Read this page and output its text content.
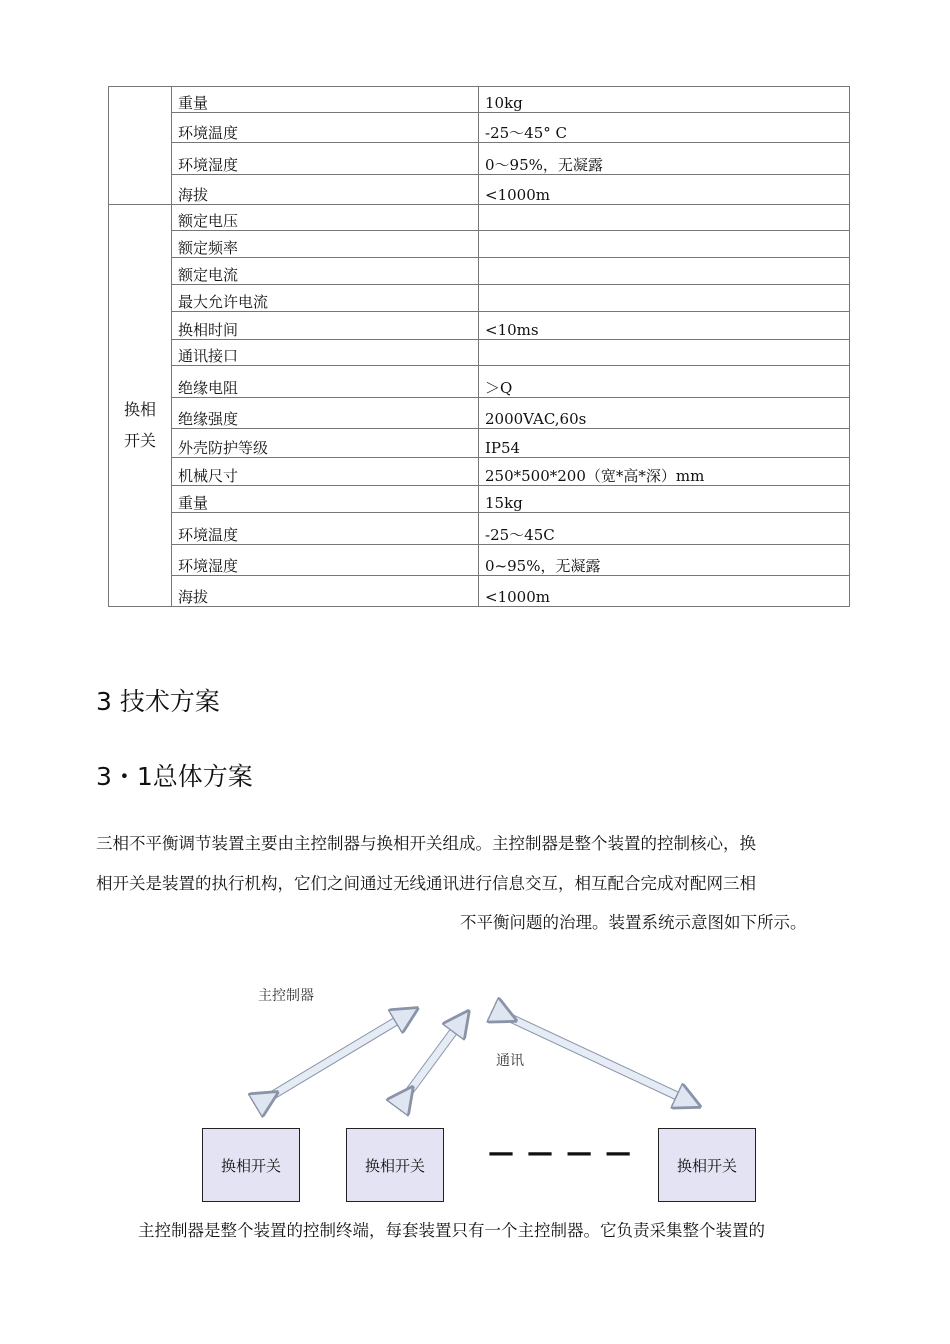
	重量	10kg
	环境温度	-25～45° C
	环境湿度	0～95%，无凝露
	海拔	<1000m

换相
开关	额定电压	
	额定频率	
	额定电流	
	最大允许电流	
	换相时间	<10ms
	通讯接口	
	绝缘电阻	＞Q
	绝缘强度	2000VAC,60s
	外壳防护等级	IP54
	机械尺寸	250*500*200（宽*高*深）mm
	重量	15kg
	环境温度	-25～45C
	环境湿度	0~95%，无凝露
	海拔	<1000m
3 技术方案
3・1总体方案

三相不平衡调节装置主要由主控制器与换相开关组成。主控制器是整个装置的控制核心，换

相开关是装置的执行机构，它们之间通过无线通讯进行信息交互，相互配合完成对配网三相

不平衡问题的治理。装置系统示意图如下所示。

主控制器
通讯
换相开关	换相开关	— — — —	换相开关

主控制器是整个装置的控制终端，每套装置只有一个主控制器。它负责采集整个装置的
